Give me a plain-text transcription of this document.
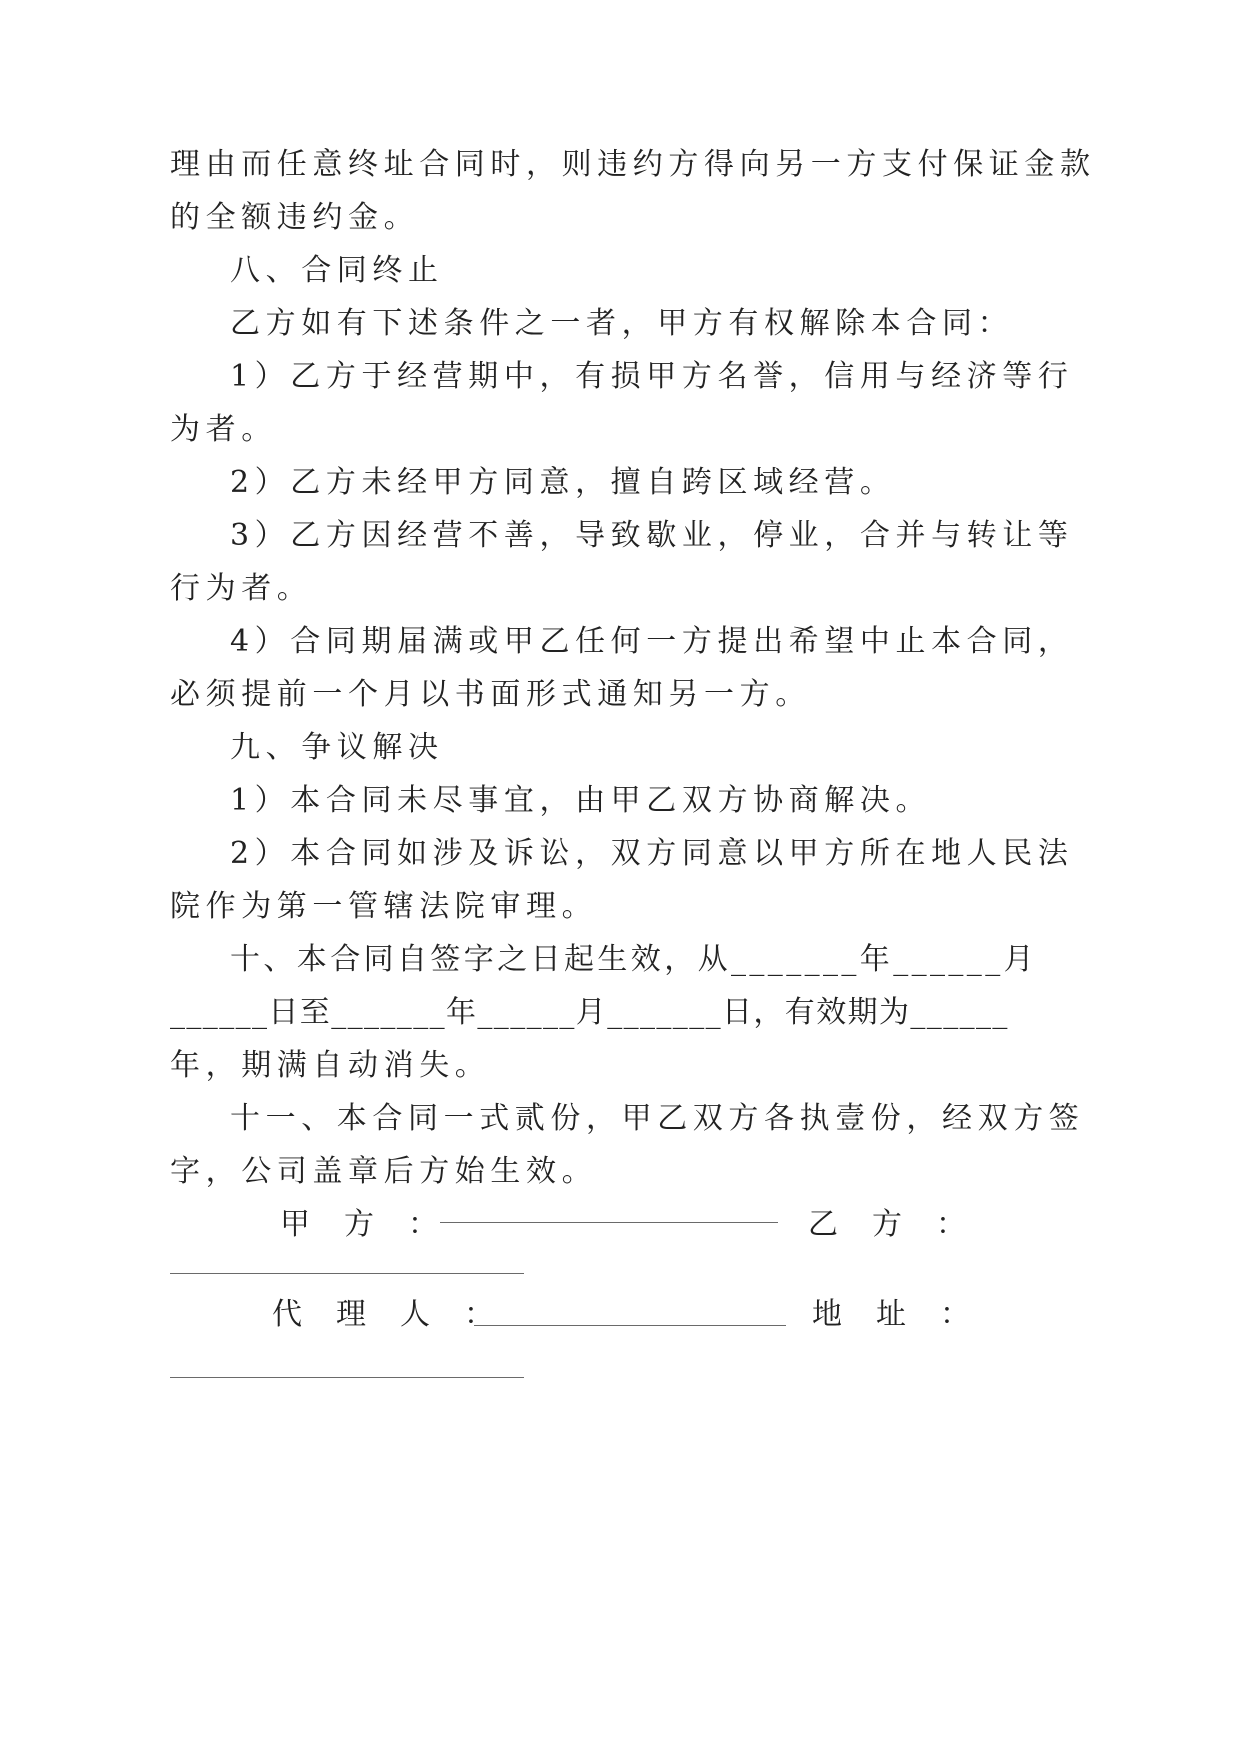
理由而任意终址合同时，则违约方得向另一方支付保证金款
的全额违约金。
八、合同终止
乙方如有下述条件之一者，甲方有权解除本合同：
1）乙方于经营期中，有损甲方名誉，信用与经济等行
为者。
2）乙方未经甲方同意，擅自跨区域经营。
3）乙方因经营不善，导致歇业，停业，合并与转让等
行为者。
4）合同期届满或甲乙任何一方提出希望中止本合同，
必须提前一个月以书面形式通知另一方。
九、争议解决
1）本合同未尽事宜，由甲乙双方协商解决。
2）本合同如涉及诉讼，双方同意以甲方所在地人民法
院作为第一管辖法院审理。
十、本合同自签字之日起生效，从_______年______月
______日至_______年______月_______日，有效期为______
年，期满自动消失。
十一、本合同一式贰份，甲乙双方各执壹份，经双方签
字，公司盖章后方始生效。
甲　方　：	乙　方　：
代　理　人　：	地　址　：
